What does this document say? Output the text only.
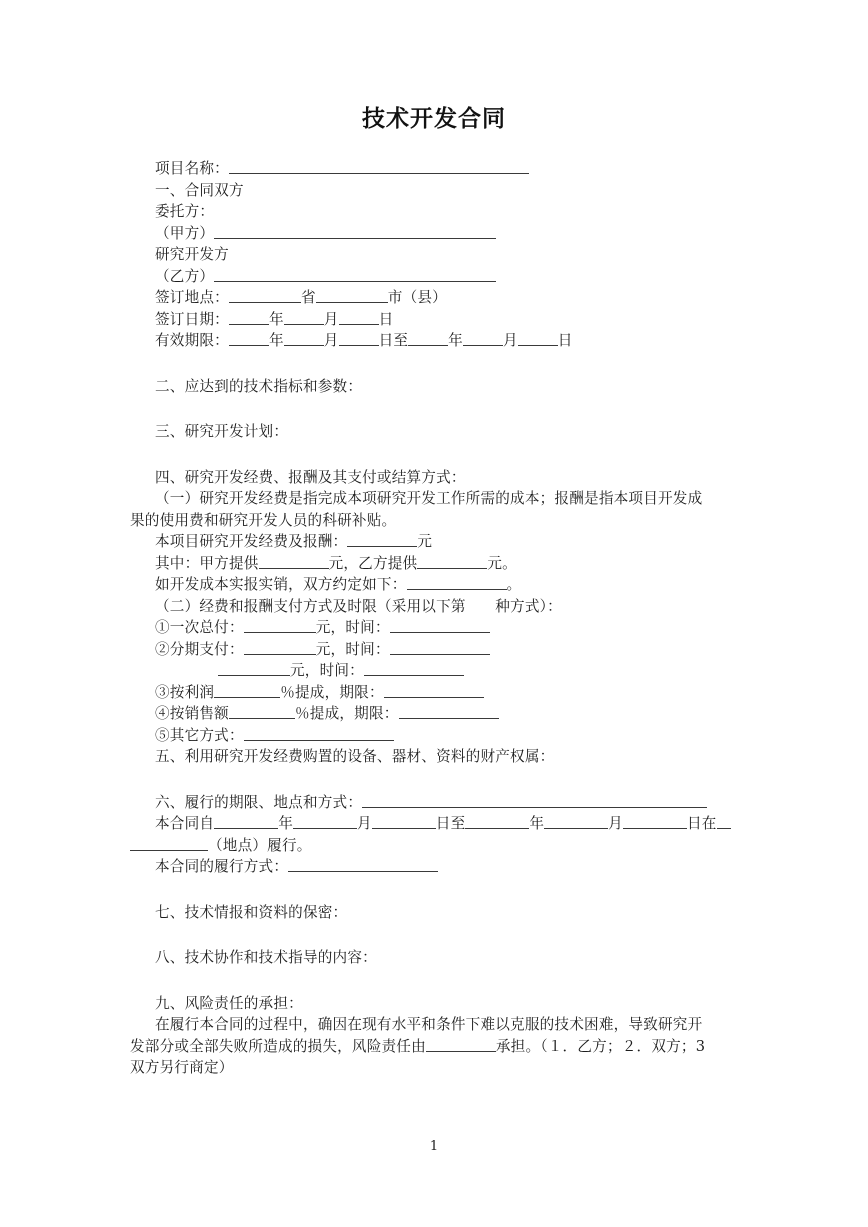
技术开发合同
项目名称：
一、合同双方
委托方：
（甲方）
研究开发方
（乙方）
签订地点：	省	市（县）
签订日期：	年	月	日
有效期限：	年	月	日至	年	月	日
二、应达到的技术指标和参数：
三、研究开发计划：
四、研究开发经费、报酬及其支付或结算方式：
（一）研究开发经费是指完成本项研究开发工作所需的成本；报酬是指本项目开发成
果的使用费和研究开发人员的科研补贴。
本项目研究开发经费及报酬：	元
其中：甲方提供	元，乙方提供	元。
如开发成本实报实销，双方约定如下：	。
（二）经费和报酬支付方式及时限（采用以下第　　种方式）：
①一次总付：	元，时间：
②分期支付：	元，时间：
元，时间：
③按利润	％提成，期限：
④按销售额	％提成，期限：
⑤其它方式：
五、利用研究开发经费购置的设备、器材、资料的财产权属：
六、履行的期限、地点和方式：
本合同自	年	月	日至	年	月	日在
（地点）履行。
本合同的履行方式：
七、技术情报和资料的保密：
八、技术协作和技术指导的内容：
九、风险责任的承担：
在履行本合同的过程中，确因在现有水平和条件下难以克服的技术困难，导致研究开
发部分或全部失败所造成的损失，风险责任由	承担。（１．乙方；２．双方；3
双方另行商定）
1
